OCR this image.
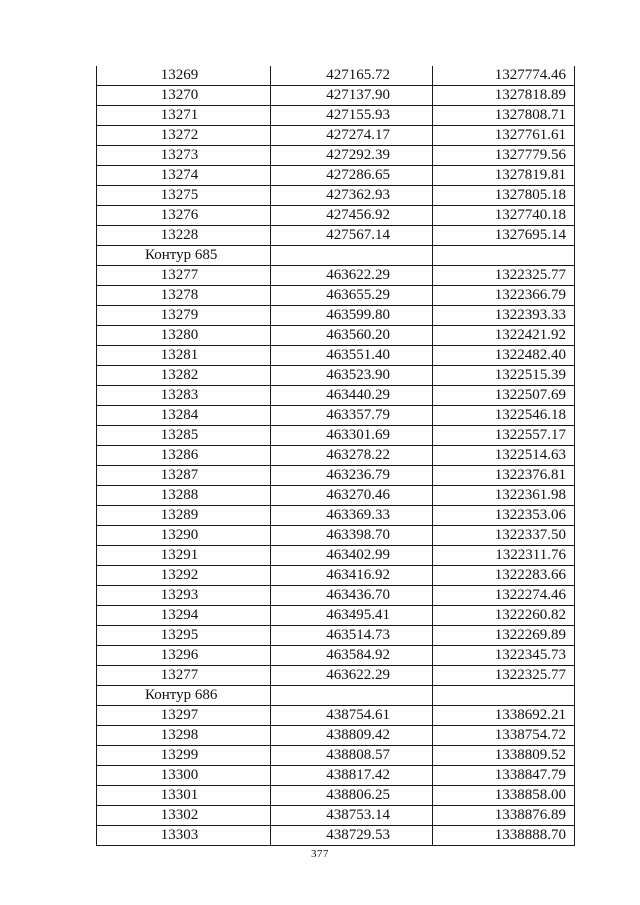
13269	427165.72	1327774.46
13270	427137.90	1327818.89
13271	427155.93	1327808.71
13272	427274.17	1327761.61
13273	427292.39	1327779.56
13274	427286.65	1327819.81
13275	427362.93	1327805.18
13276	427456.92	1327740.18
13228	427567.14	1327695.14
Контур 685		
13277	463622.29	1322325.77
13278	463655.29	1322366.79
13279	463599.80	1322393.33
13280	463560.20	1322421.92
13281	463551.40	1322482.40
13282	463523.90	1322515.39
13283	463440.29	1322507.69
13284	463357.79	1322546.18
13285	463301.69	1322557.17
13286	463278.22	1322514.63
13287	463236.79	1322376.81
13288	463270.46	1322361.98
13289	463369.33	1322353.06
13290	463398.70	1322337.50
13291	463402.99	1322311.76
13292	463416.92	1322283.66
13293	463436.70	1322274.46
13294	463495.41	1322260.82
13295	463514.73	1322269.89
13296	463584.92	1322345.73
13277	463622.29	1322325.77
Контур 686		
13297	438754.61	1338692.21
13298	438809.42	1338754.72
13299	438808.57	1338809.52
13300	438817.42	1338847.79
13301	438806.25	1338858.00
13302	438753.14	1338876.89
13303	438729.53	1338888.70
377
